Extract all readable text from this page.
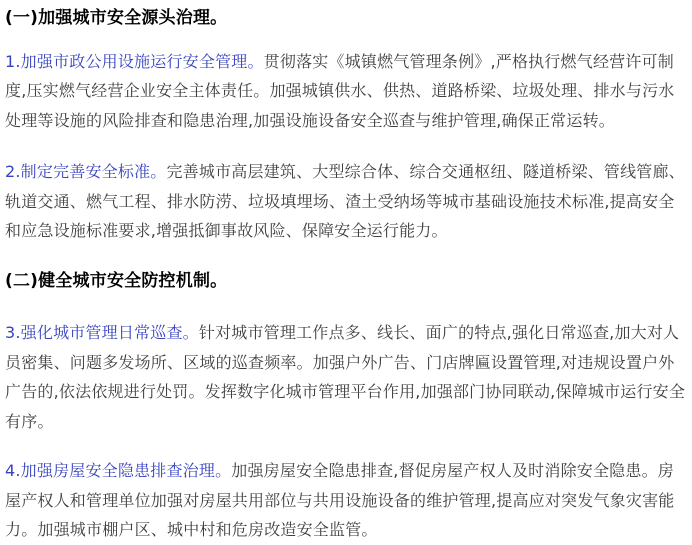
(一)加强城市安全源头治理。

1.加强市政公用设施运行安全管理。贯彻落实《城镇燃气管理条例》,严格执行燃气经营许可制度,压实燃气经营企业安全主体责任。加强城镇供水、供热、道路桥梁、垃圾处理、排水与污水处理等设施的风险排查和隐患治理,加强设施设备安全巡查与维护管理,确保正常运转。

2.制定完善安全标准。完善城市高层建筑、大型综合体、综合交通枢纽、隧道桥梁、管线管廊、轨道交通、燃气工程、排水防涝、垃圾填埋场、渣土受纳场等城市基础设施技术标准,提高安全和应急设施标准要求,增强抵御事故风险、保障安全运行能力。

(二)健全城市安全防控机制。

3.强化城市管理日常巡查。针对城市管理工作点多、线长、面广的特点,强化日常巡查,加大对人员密集、问题多发场所、区域的巡查频率。加强户外广告、门店牌匾设置管理,对违规设置户外广告的,依法依规进行处罚。发挥数字化城市管理平台作用,加强部门协同联动,保障城市运行安全有序。

4.加强房屋安全隐患排查治理。加强房屋安全隐患排查,督促房屋产权人及时消除安全隐患。房屋产权人和管理单位加强对房屋共用部位与共用设施设备的维护管理,提高应对突发气象灾害能力。加强城市棚户区、城中村和危房改造安全监管。
